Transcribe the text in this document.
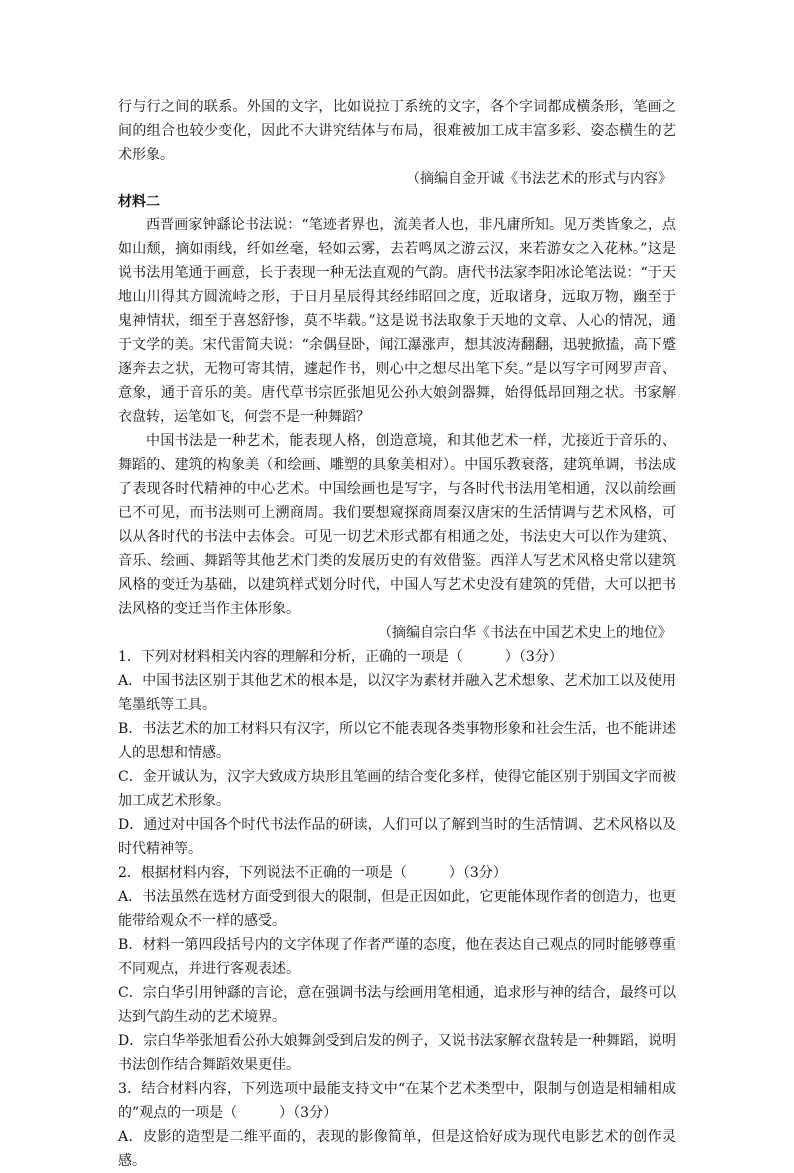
行与行之间的联系。外国的文字，比如说拉丁系统的文字，各个字词都成横条形，笔画之间的组合也较少变化，因此不大讲究结体与布局，很难被加工成丰富多彩、姿态横生的艺术形象。

（摘编自金开诚《书法艺术的形式与内容》

材料二

西晋画家钟繇论书法说：“笔迹者界也，流美者人也，非凡庸所知。见万类皆象之，点如山颓，摘如雨线，纤如丝毫，轻如云雾，去若鸣凤之游云汉，来若游女之入花林。”这是说书法用笔通于画意，长于表现一种无法直观的气韵。唐代书法家李阳冰论笔法说：“于天地山川得其方圆流峙之形，于日月星辰得其经纬昭回之度，近取诸身，远取万物，幽至于鬼神情状，细至于喜怒舒惨，莫不毕载。”这是说书法取象于天地的文章、人心的情况，通于文学的美。宋代雷简夫说：“余偶昼卧，闻江瀑涨声，想其波涛翻翻，迅驶掀搕，高下蹙逐奔去之状，无物可寄其情，遽起作书，则心中之想尽出笔下矣。”是以写字可网罗声音、意象，通于音乐的美。唐代草书宗匠张旭见公孙大娘剑器舞，始得低昂回翔之状。书家解衣盘转，运笔如飞，何尝不是一种舞蹈？

中国书法是一种艺术，能表现人格，创造意境，和其他艺术一样，尤接近于音乐的、舞蹈的、建筑的构象美（和绘画、雕塑的具象美相对）。中国乐教衰落，建筑单调，书法成了表现各时代精神的中心艺术。中国绘画也是写字，与各时代书法用笔相通，汉以前绘画已不可见，而书法则可上溯商周。我们要想窥探商周秦汉唐宋的生活情调与艺术风格，可以从各时代的书法中去体会。可见一切艺术形式都有相通之处，书法史大可以作为建筑、音乐、绘画、舞蹈等其他艺术门类的发展历史的有效借鉴。西洋人写艺术风格史常以建筑风格的变迁为基础，以建筑样式划分时代，中国人写艺术史没有建筑的凭借，大可以把书法风格的变迁当作主体形象。

（摘编自宗白华《书法在中国艺术史上的地位》

1．下列对材料相关内容的理解和分析，正确的一项是（　　　）（3分）

A．中国书法区别于其他艺术的根本是，以汉字为素材并融入艺术想象、艺术加工以及使用笔墨纸等工具。

B．书法艺术的加工材料只有汉字，所以它不能表现各类事物形象和社会生活，也不能讲述人的思想和情感。

C．金开诚认为，汉字大致成方块形且笔画的结合变化多样，使得它能区别于别国文字而被加工成艺术形象。

D．通过对中国各个时代书法作品的研读，人们可以了解到当时的生活情调、艺术风格以及时代精神等。

2．根据材料内容，下列说法不正确的一项是（　　　）（3分）

A．书法虽然在选材方面受到很大的限制，但是正因如此，它更能体现作者的创造力，也更能带给观众不一样的感受。

B．材料一第四段括号内的文字体现了作者严谨的态度，他在表达自己观点的同时能够尊重不同观点，并进行客观表述。

C．宗白华引用钟繇的言论，意在强调书法与绘画用笔相通，追求形与神的结合，最终可以达到气韵生动的艺术境界。

D．宗白华举张旭看公孙大娘舞剑受到启发的例子，又说书法家解衣盘转是一种舞蹈，说明书法创作结合舞蹈效果更佳。

3．结合材料内容，下列选项中最能支持文中“在某个艺术类型中，限制与创造是相辅相成的”观点的一项是（　　　）（3分）

A．皮影的造型是二维平面的，表现的影像简单，但是这恰好成为现代电影艺术的创作灵感。
